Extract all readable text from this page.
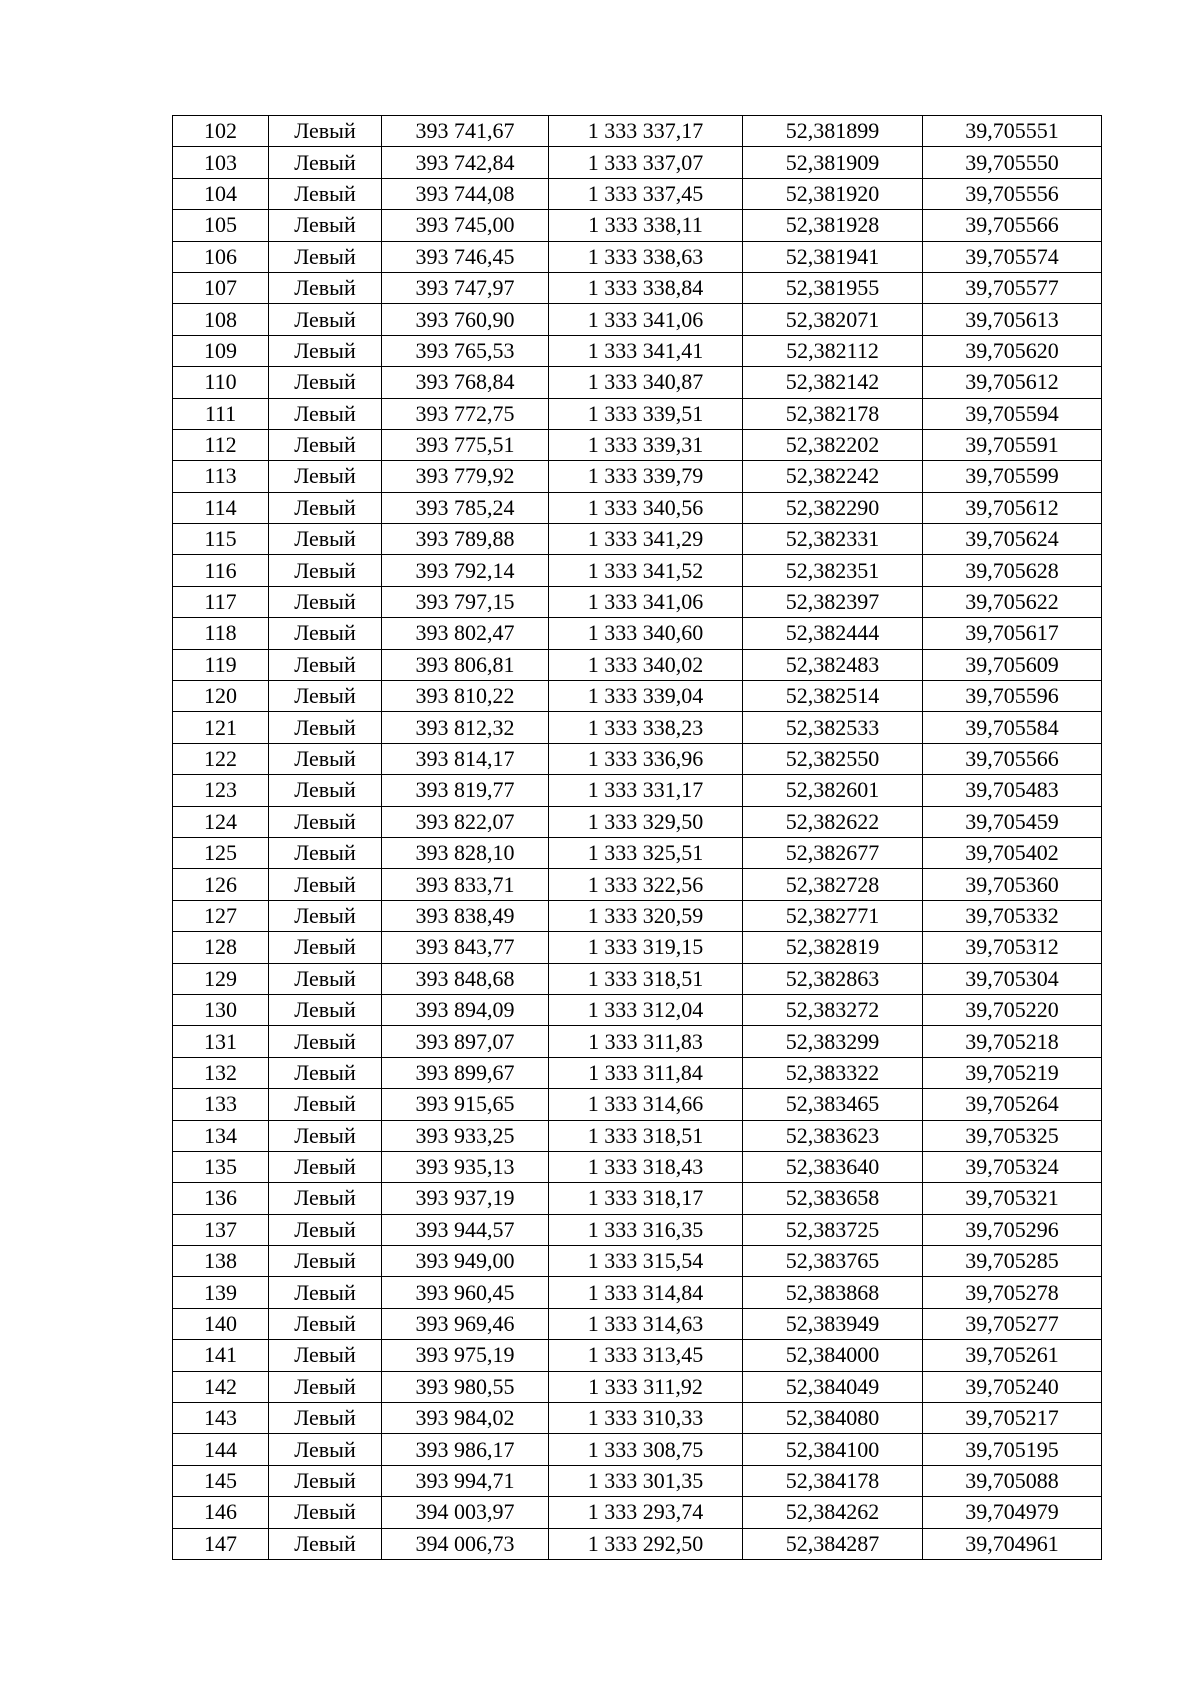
102	Левый	393 741,67	1 333 337,17	52,381899	39,705551
103	Левый	393 742,84	1 333 337,07	52,381909	39,705550
104	Левый	393 744,08	1 333 337,45	52,381920	39,705556
105	Левый	393 745,00	1 333 338,11	52,381928	39,705566
106	Левый	393 746,45	1 333 338,63	52,381941	39,705574
107	Левый	393 747,97	1 333 338,84	52,381955	39,705577
108	Левый	393 760,90	1 333 341,06	52,382071	39,705613
109	Левый	393 765,53	1 333 341,41	52,382112	39,705620
110	Левый	393 768,84	1 333 340,87	52,382142	39,705612
111	Левый	393 772,75	1 333 339,51	52,382178	39,705594
112	Левый	393 775,51	1 333 339,31	52,382202	39,705591
113	Левый	393 779,92	1 333 339,79	52,382242	39,705599
114	Левый	393 785,24	1 333 340,56	52,382290	39,705612
115	Левый	393 789,88	1 333 341,29	52,382331	39,705624
116	Левый	393 792,14	1 333 341,52	52,382351	39,705628
117	Левый	393 797,15	1 333 341,06	52,382397	39,705622
118	Левый	393 802,47	1 333 340,60	52,382444	39,705617
119	Левый	393 806,81	1 333 340,02	52,382483	39,705609
120	Левый	393 810,22	1 333 339,04	52,382514	39,705596
121	Левый	393 812,32	1 333 338,23	52,382533	39,705584
122	Левый	393 814,17	1 333 336,96	52,382550	39,705566
123	Левый	393 819,77	1 333 331,17	52,382601	39,705483
124	Левый	393 822,07	1 333 329,50	52,382622	39,705459
125	Левый	393 828,10	1 333 325,51	52,382677	39,705402
126	Левый	393 833,71	1 333 322,56	52,382728	39,705360
127	Левый	393 838,49	1 333 320,59	52,382771	39,705332
128	Левый	393 843,77	1 333 319,15	52,382819	39,705312
129	Левый	393 848,68	1 333 318,51	52,382863	39,705304
130	Левый	393 894,09	1 333 312,04	52,383272	39,705220
131	Левый	393 897,07	1 333 311,83	52,383299	39,705218
132	Левый	393 899,67	1 333 311,84	52,383322	39,705219
133	Левый	393 915,65	1 333 314,66	52,383465	39,705264
134	Левый	393 933,25	1 333 318,51	52,383623	39,705325
135	Левый	393 935,13	1 333 318,43	52,383640	39,705324
136	Левый	393 937,19	1 333 318,17	52,383658	39,705321
137	Левый	393 944,57	1 333 316,35	52,383725	39,705296
138	Левый	393 949,00	1 333 315,54	52,383765	39,705285
139	Левый	393 960,45	1 333 314,84	52,383868	39,705278
140	Левый	393 969,46	1 333 314,63	52,383949	39,705277
141	Левый	393 975,19	1 333 313,45	52,384000	39,705261
142	Левый	393 980,55	1 333 311,92	52,384049	39,705240
143	Левый	393 984,02	1 333 310,33	52,384080	39,705217
144	Левый	393 986,17	1 333 308,75	52,384100	39,705195
145	Левый	393 994,71	1 333 301,35	52,384178	39,705088
146	Левый	394 003,97	1 333 293,74	52,384262	39,704979
147	Левый	394 006,73	1 333 292,50	52,384287	39,704961
